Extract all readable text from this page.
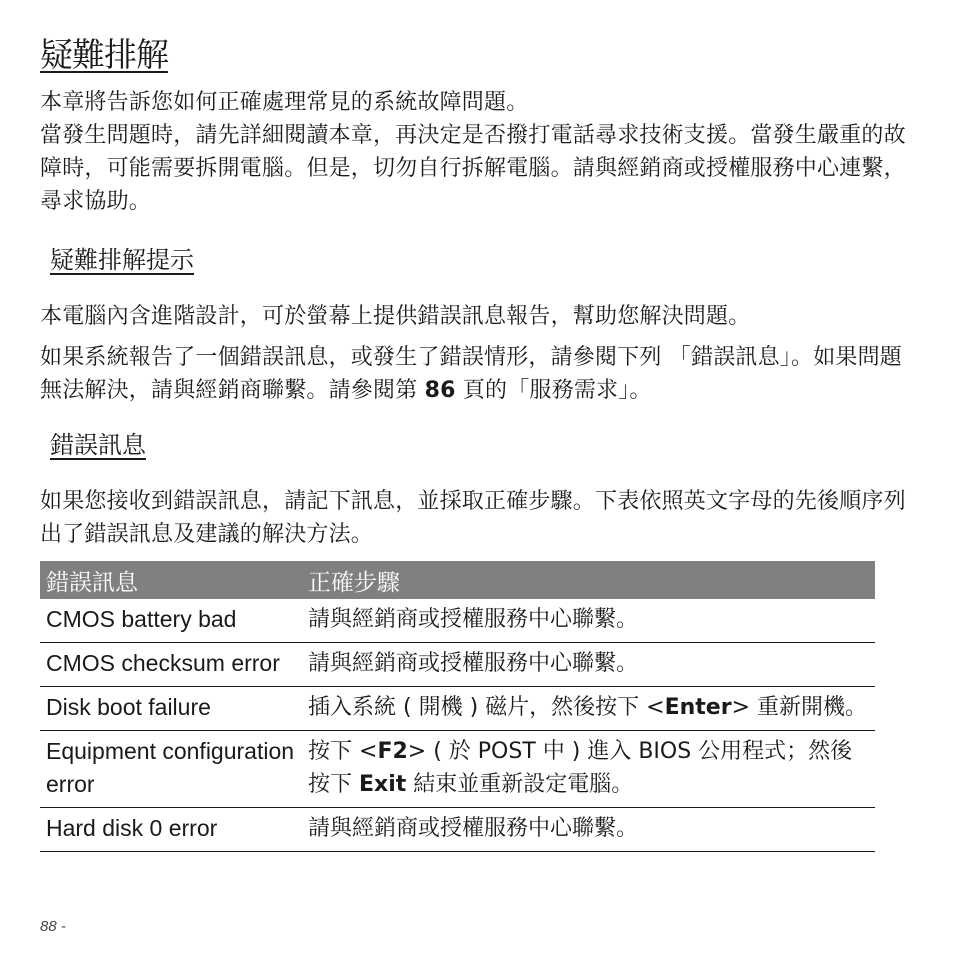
疑難排解

本章將告訴您如何正確處理常見的系統故障問題。
當發生問題時，請先詳細閱讀本章，再決定是否撥打電話尋求技術支援。當發生嚴重的故障時，可能需要拆開電腦。但是，切勿自行拆解電腦。請與經銷商或授權服務中心連繫，尋求協助。

疑難排解提示

本電腦內含進階設計，可於螢幕上提供錯誤訊息報告，幫助您解決問題。

如果系統報告了一個錯誤訊息，或發生了錯誤情形，請參閱下列 「錯誤訊息」。如果問題無法解決，請與經銷商聯繫。請參閱第 86 頁的「服務需求」。

錯誤訊息

如果您接收到錯誤訊息，請記下訊息，並採取正確步驟。下表依照英文字母的先後順序列出了錯誤訊息及建議的解決方法。

錯誤訊息	正確步驟
CMOS battery bad	請與經銷商或授權服務中心聯繫。
CMOS checksum error	請與經銷商或授權服務中心聯繫。
Disk boot failure	插入系統 ( 開機 ) 磁片，然後按下 <Enter> 重新開機。
Equipment configuration error	按下 <F2> ( 於 POST 中 ) 進入 BIOS 公用程式；然後按下 Exit 結束並重新設定電腦。
Hard disk 0 error	請與經銷商或授權服務中心聯繫。
88 -
